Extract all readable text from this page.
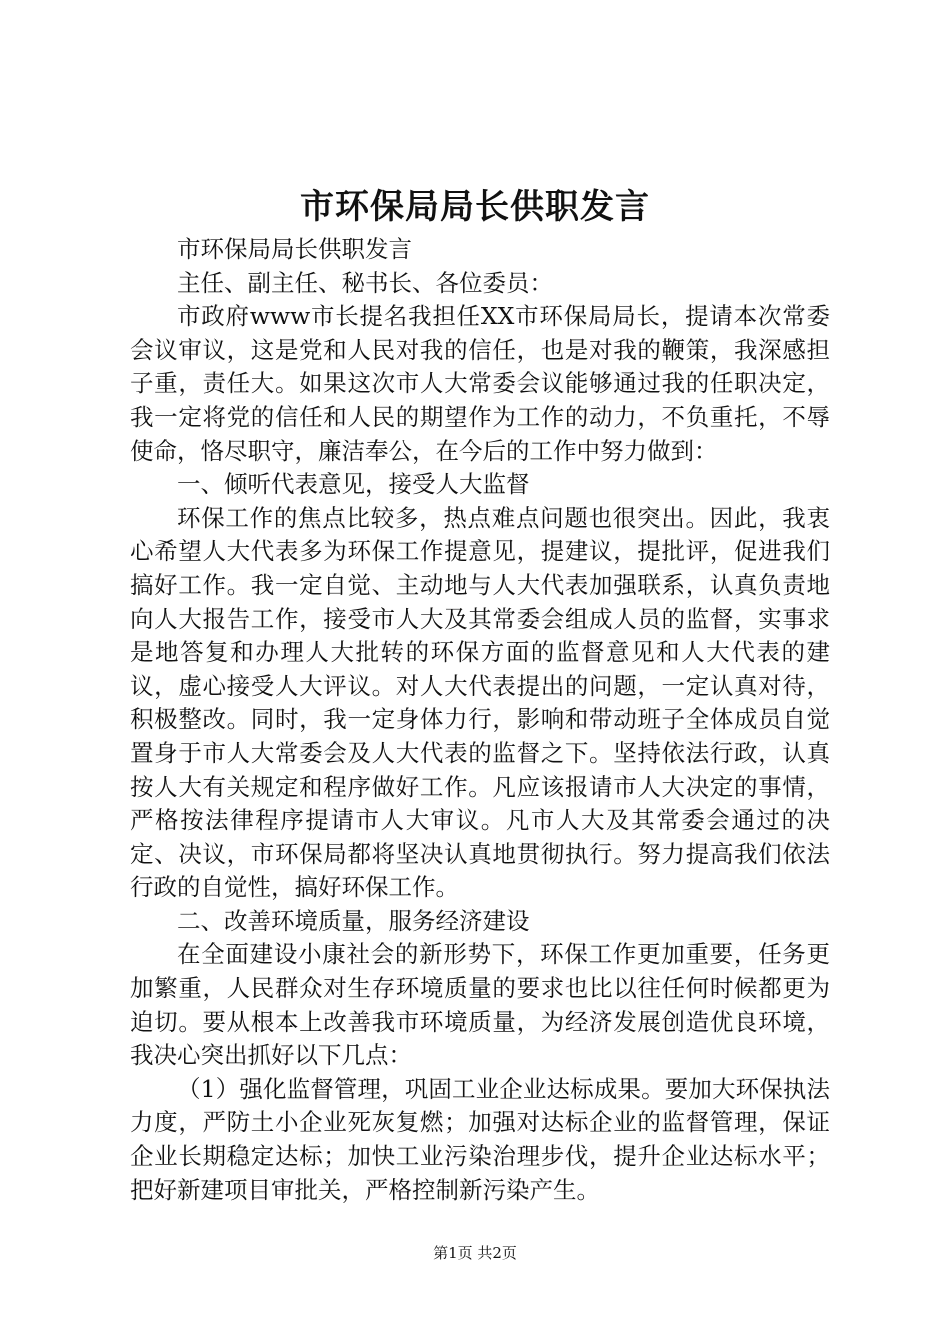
市环保局局长供职发言

市环保局局长供职发言

主任、副主任、秘书长、各位委员：

市政府www市长提名我担任XX市环保局局长，提请本次常委会议审议，这是党和人民对我的信任，也是对我的鞭策，我深感担子重，责任大。如果这次市人大常委会议能够通过我的任职决定，我一定将党的信任和人民的期望作为工作的动力，不负重托，不辱使命，恪尽职守，廉洁奉公，在今后的工作中努力做到：

一、倾听代表意见，接受人大监督

环保工作的焦点比较多，热点难点问题也很突出。因此，我衷心希望人大代表多为环保工作提意见，提建议，提批评，促进我们搞好工作。我一定自觉、主动地与人大代表加强联系，认真负责地向人大报告工作，接受市人大及其常委会组成人员的监督，实事求是地答复和办理人大批转的环保方面的监督意见和人大代表的建议，虚心接受人大评议。对人大代表提出的问题，一定认真对待，积极整改。同时，我一定身体力行，影响和带动班子全体成员自觉置身于市人大常委会及人大代表的监督之下。坚持依法行政，认真按人大有关规定和程序做好工作。凡应该报请市人大决定的事情，严格按法律程序提请市人大审议。凡市人大及其常委会通过的决定、决议，市环保局都将坚决认真地贯彻执行。努力提高我们依法行政的自觉性，搞好环保工作。

二、改善环境质量，服务经济建设

在全面建设小康社会的新形势下，环保工作更加重要，任务更加繁重，人民群众对生存环境质量的要求也比以往任何时候都更为迫切。要从根本上改善我市环境质量，为经济发展创造优良环境，我决心突出抓好以下几点：

（1）强化监督管理，巩固工业企业达标成果。要加大环保执法力度，严防土小企业死灰复燃；加强对达标企业的监督管理，保证企业长期稳定达标；加快工业污染治理步伐，提升企业达标水平；把好新建项目审批关，严格控制新污染产生。

第1页 共2页
